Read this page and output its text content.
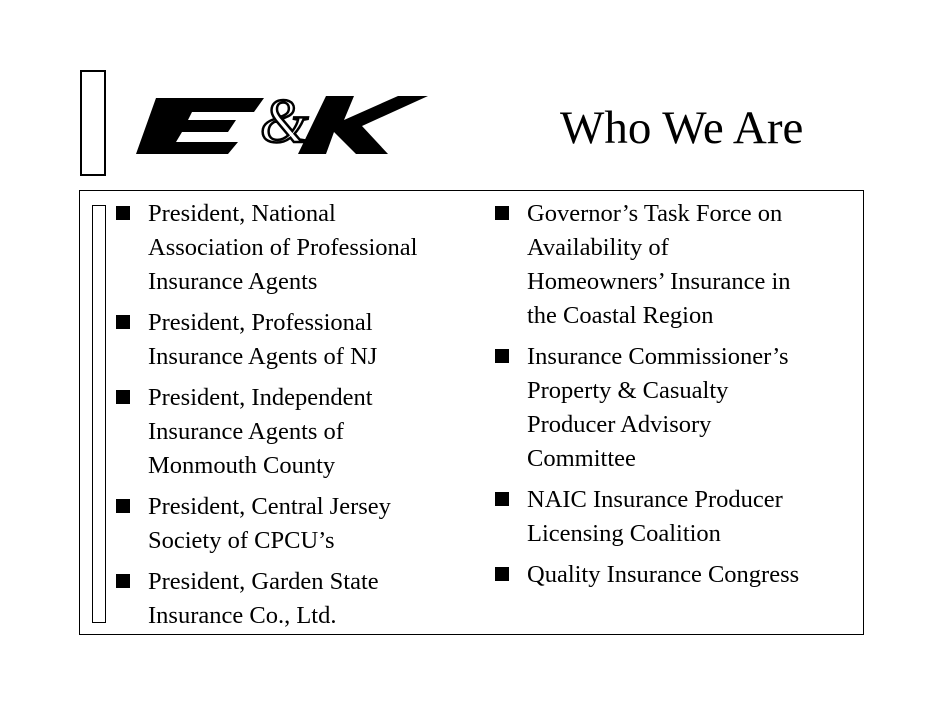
&	Who We Are
President, National
Association of Professional
Insurance Agents
President, Professional
Insurance Agents of NJ
President, Independent
Insurance Agents of
Monmouth County
President, Central Jersey
Society of CPCU’s
President, Garden State
Insurance Co., Ltd.
Governor’s Task Force on
Availability of
Homeowners’ Insurance in
the Coastal Region
Insurance Commissioner’s
Property & Casualty
Producer Advisory
Committee
NAIC Insurance Producer
Licensing Coalition
Quality Insurance Congress
